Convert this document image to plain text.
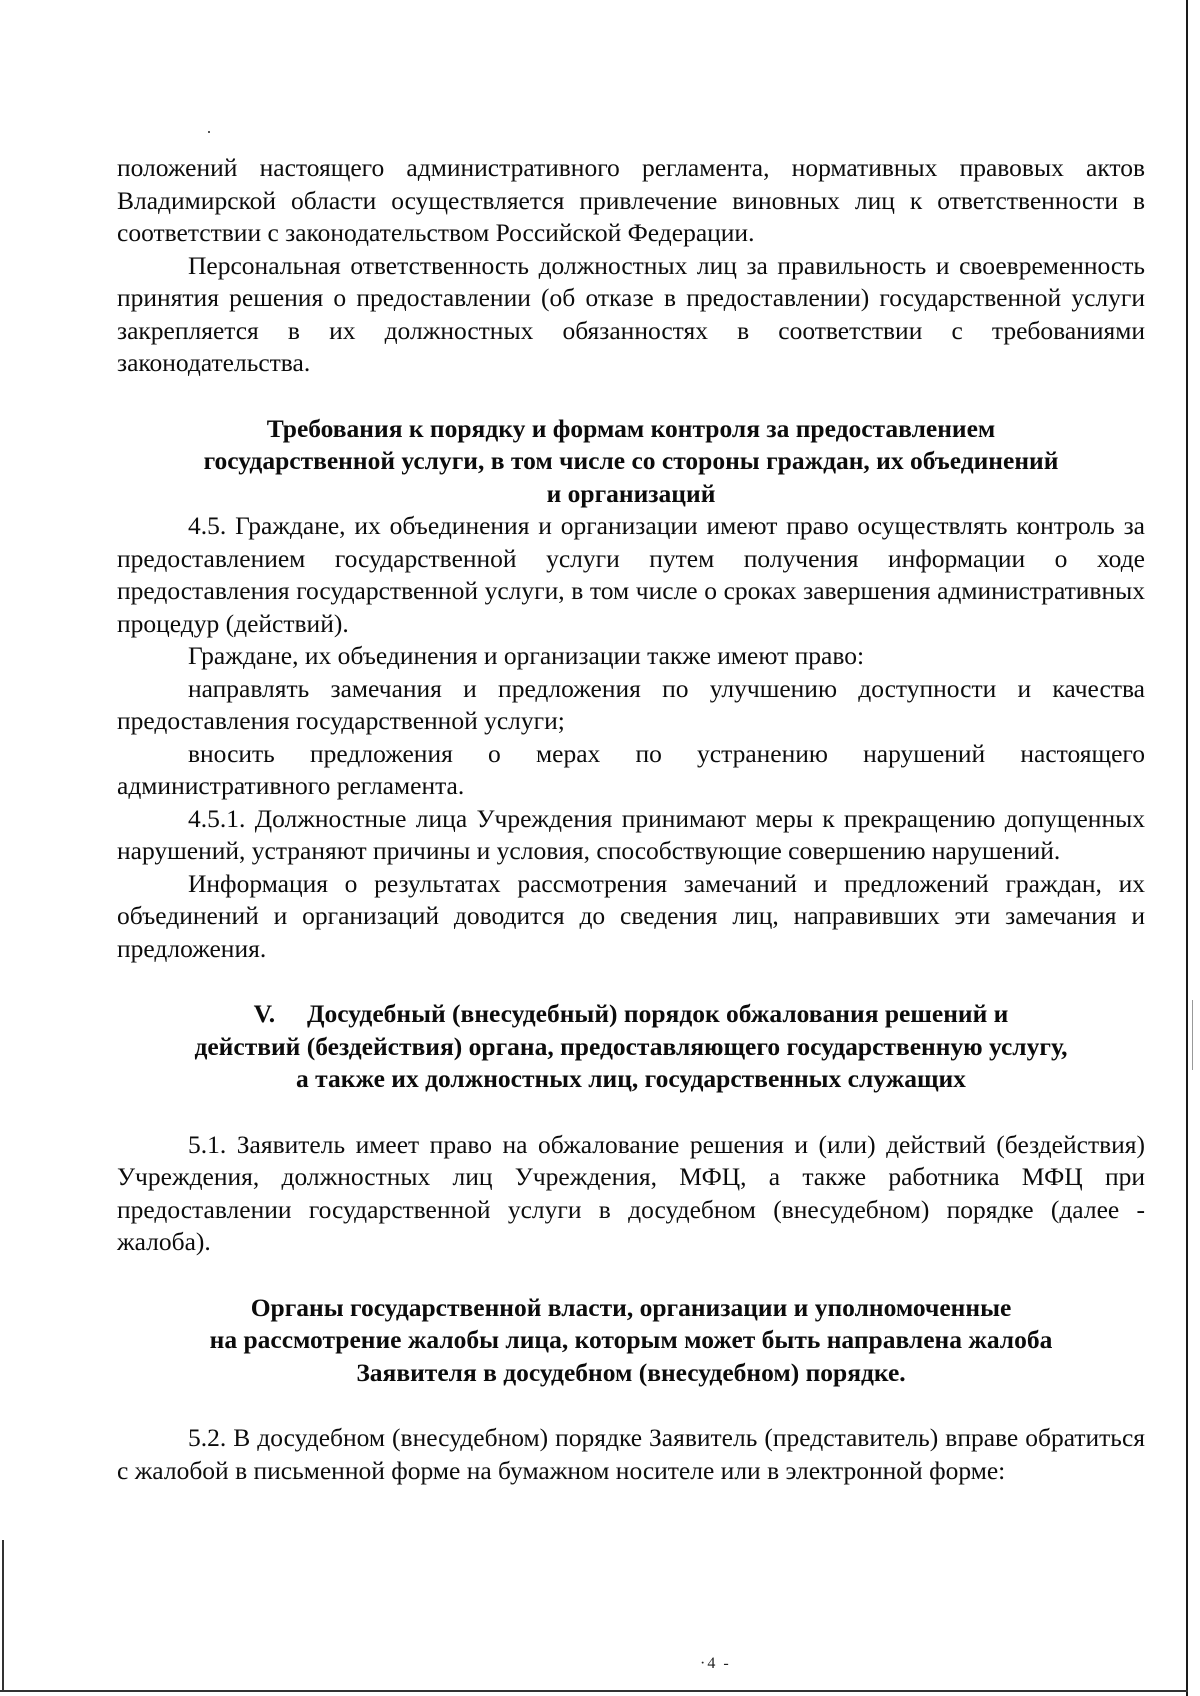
положений настоящего административного регламента, нормативных правовых актов Владимирской области осуществляется привлечение виновных лиц к ответственности в соответствии с законодательством Российской Федерации.

Персональная ответственность должностных лиц за правильность и своевременность принятия решения о предоставлении (об отказе в предоставлении) государственной услуги закрепляется в их должностных обязанностях в соответствии с требованиями законодательства.

Требования к порядку и формам контроля за предоставлением
государственной услуги, в том числе со стороны граждан, их объединений
и организаций

4.5. Граждане, их объединения и организации имеют право осуществлять контроль за предоставлением государственной услуги путем получения информации о ходе предоставления государственной услуги, в том числе о сроках завершения административных процедур (действий).

Граждане, их объединения и организации также имеют право:

направлять замечания и предложения по улучшению доступности и качества предоставления государственной услуги;

вносить предложения о мерах по устранению нарушений настоящего административного регламента.

4.5.1. Должностные лица Учреждения принимают меры к прекращению допущенных нарушений, устраняют причины и условия, способствующие совершению нарушений.

Информация о результатах рассмотрения замечаний и предложений граждан, их объединений и организаций доводится до сведения лиц, направивших эти замечания и предложения.

V.     Досудебный (внесудебный) порядок обжалования решений и
действий (бездействия) органа, предоставляющего государственную услугу,
а также их должностных лиц, государственных служащих

5.1. Заявитель имеет право на обжалование решения и (или) действий (бездействия) Учреждения, должностных лиц Учреждения, МФЦ, а также работника МФЦ при предоставлении государственной услуги в досудебном (внесудебном) порядке (далее - жалоба).

Органы государственной власти, организации и уполномоченные
на рассмотрение жалобы лица, которым может быть направлена жалоба
Заявителя в досудебном (внесудебном) порядке.

5.2. В досудебном (внесудебном) порядке Заявитель (представитель) вправе обратиться с жалобой в письменной форме на бумажном носителе или в электронной форме:

·4 -
